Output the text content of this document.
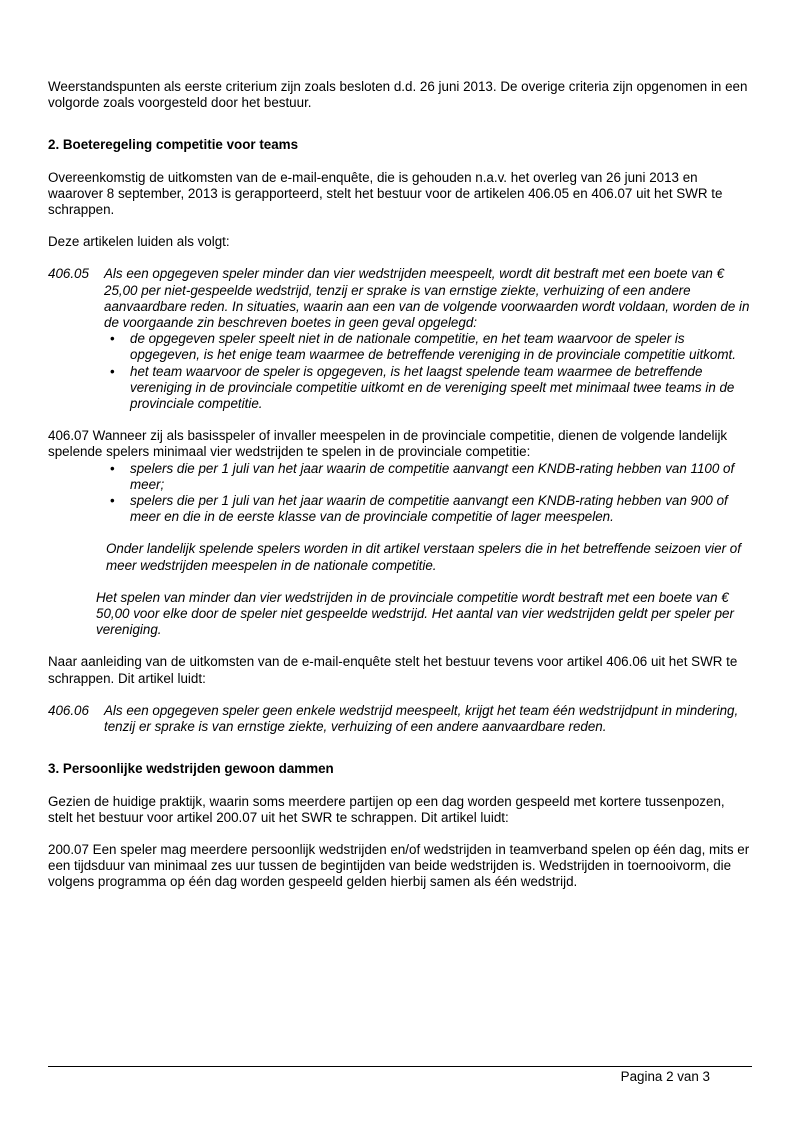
Weerstandspunten als eerste criterium zijn zoals besloten d.d. 26 juni 2013. De overige criteria zijn opgenomen in een volgorde zoals voorgesteld door het bestuur.

2. Boeteregeling competitie voor teams

Overeenkomstig de uitkomsten van de e-mail-enquête, die is gehouden n.a.v. het overleg van 26 juni 2013 en waarover 8 september, 2013 is gerapporteerd, stelt het bestuur voor de artikelen 406.05 en 406.07 uit het SWR te schrappen.

Deze artikelen luiden als volgt:

406.05	Als een opgegeven speler minder dan vier wedstrijden meespeelt, wordt dit bestraft met een boete van € 25,00 per niet-gespeelde wedstrijd, tenzij er sprake is van ernstige ziekte, verhuizing of een andere aanvaardbare reden. In situaties, waarin aan een van de volgende voorwaarden wordt voldaan, worden de in de voorgaande zin beschreven boetes in geen geval opgelegd:
• de opgegeven speler speelt niet in de nationale competitie, en het team waarvoor de speler is opgegeven, is het enige team waarmee de betreffende vereniging in de provinciale competitie uitkomt.
• het team waarvoor de speler is opgegeven, is het laagst spelende team waarmee de betreffende vereniging in de provinciale competitie uitkomt en de vereniging speelt met minimaal twee teams in de provinciale competitie.

406.07 Wanneer zij als basisspeler of invaller meespelen in de provinciale competitie, dienen de volgende landelijk spelende spelers minimaal vier wedstrijden te spelen in de provinciale competitie:

• spelers die per 1 juli van het jaar waarin de competitie aanvangt een KNDB-rating hebben van 1100 of meer;
• spelers die per 1 juli van het jaar waarin de competitie aanvangt een KNDB-rating hebben van 900 of meer en die in de eerste klasse van de provinciale competitie of lager meespelen.

Onder landelijk spelende spelers worden in dit artikel verstaan spelers die in het betreffende seizoen vier of meer wedstrijden meespelen in de nationale competitie.

Het spelen van minder dan vier wedstrijden in de provinciale competitie wordt bestraft met een boete van € 50,00 voor elke door de speler niet gespeelde wedstrijd. Het aantal van vier wedstrijden geldt per speler per vereniging.

Naar aanleiding van de uitkomsten van de e-mail-enquête stelt het bestuur tevens voor artikel 406.06 uit het SWR te schrappen. Dit artikel luidt:

406.06	Als een opgegeven speler geen enkele wedstrijd meespeelt, krijgt het team één wedstrijdpunt in mindering, tenzij er sprake is van ernstige ziekte, verhuizing of een andere aanvaardbare reden.

3. Persoonlijke wedstrijden gewoon dammen

Gezien de huidige praktijk, waarin soms meerdere partijen op een dag worden gespeeld met kortere tussenpozen, stelt het bestuur voor artikel 200.07 uit het SWR te schrappen. Dit artikel luidt:

200.07 Een speler mag meerdere persoonlijk wedstrijden en/of wedstrijden in teamverband spelen op één dag, mits er een tijdsduur van minimaal zes uur tussen de begintijden van beide wedstrijden is. Wedstrijden in toernooivorm, die volgens programma op één dag worden gespeeld gelden hierbij samen als één wedstrijd.

Pagina 2 van 3
